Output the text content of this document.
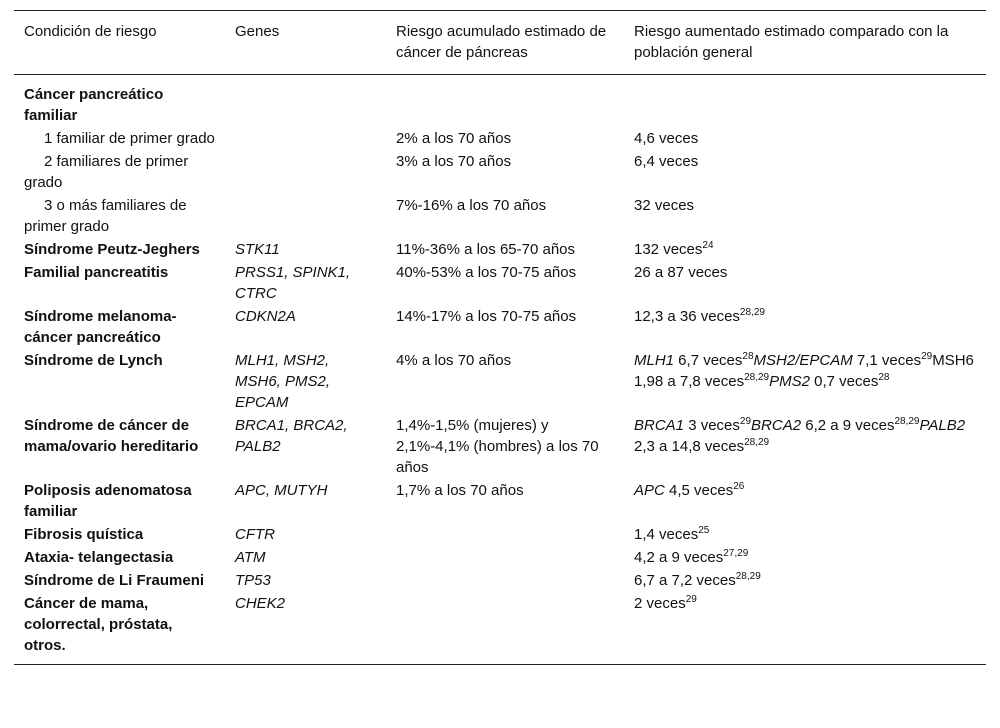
Condición de riesgo	Genes	Riesgo acumulado estimado de cáncer de páncreas	Riesgo aumentado estimado comparado con la población general
Cáncer pancreático familiar			
1 familiar de primer grado		2% a los 70 años	4,6 veces
2 familiares de primer grado		3% a los 70 años	6,4 veces
3 o más familiares de primer grado		7%-16% a los 70 años	32 veces
Síndrome Peutz-Jeghers	STK11	11%-36% a los 65-70 años	132 veces$^{24}$
Familial pancreatitis	PRSS1, SPINK1, CTRC	40%-53% a los 70-75 años	26 a 87 veces
Síndrome melanoma-cáncer pancreático	CDKN2A	14%-17% a los 70-75 años	12,3 a 36 veces$^{28,29}$
Síndrome de Lynch	MLH1, MSH2, MSH6, PMS2, EPCAM	4% a los 70 años	MLH1 6,7 veces$^{28}$MSH2/EPCAM 7,1 veces$^{29}$MSH6 1,98 a 7,8 veces$^{28,29}$PMS2 0,7 veces$^{28}$
Síndrome de cáncer de mama/ovario hereditario	BRCA1, BRCA2, PALB2	1,4%-1,5% (mujeres) y 2,1%-4,1% (hombres) a los 70 años	BRCA1 3 veces$^{29}$BRCA2 6,2 a 9 veces$^{28,29}$PALB2 2,3 a 14,8 veces$^{28,29}$
Poliposis adenomatosa familiar	APC, MUTYH	1,7% a los 70 años	APC 4,5 veces$^{26}$
Fibrosis quística	CFTR		1,4 veces$^{25}$
Ataxia- telangectasia	ATM		4,2 a 9 veces$^{27,29}$
Síndrome de Li Fraumeni	TP53		6,7 a 7,2 veces$^{28,29}$
Cáncer de mama, colorrectal, próstata, otros.	CHEK2		2 veces$^{29}$
